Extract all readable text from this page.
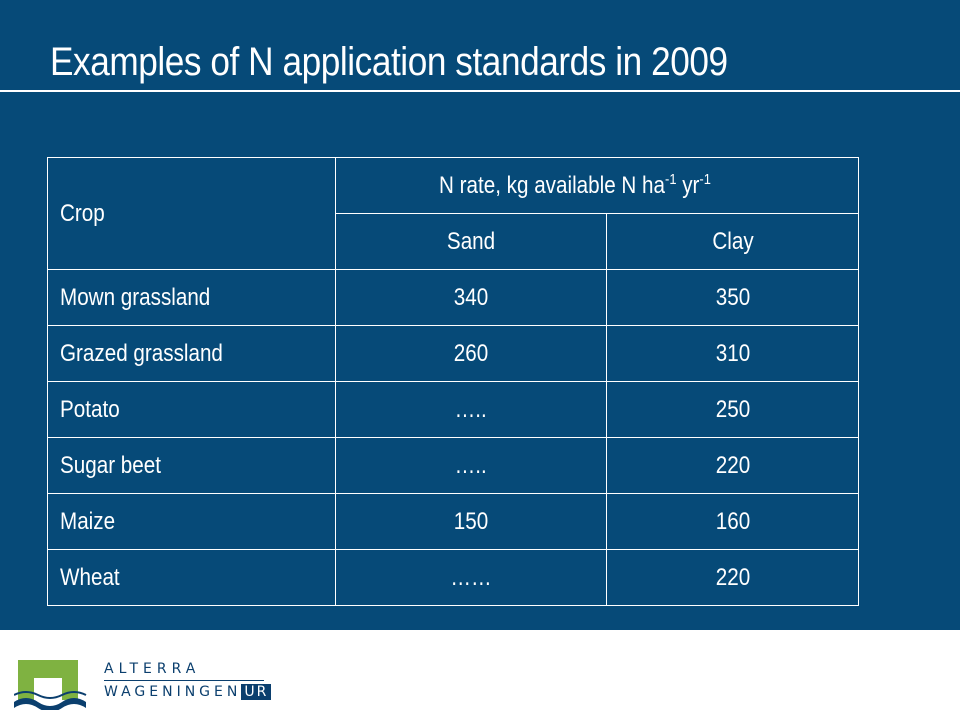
Examples of N application standards in 2009
Crop	N rate, kg available N $ha^{-1}$ $yr^{-1}$
	Sand	Clay
Mown grassland	340	350
Grazed grassland	260	310
Potato	…..	250
Sugar beet	…..	220
Maize	150	160
Wheat	……	220
ALTERRA
WAGENINGEN UR
